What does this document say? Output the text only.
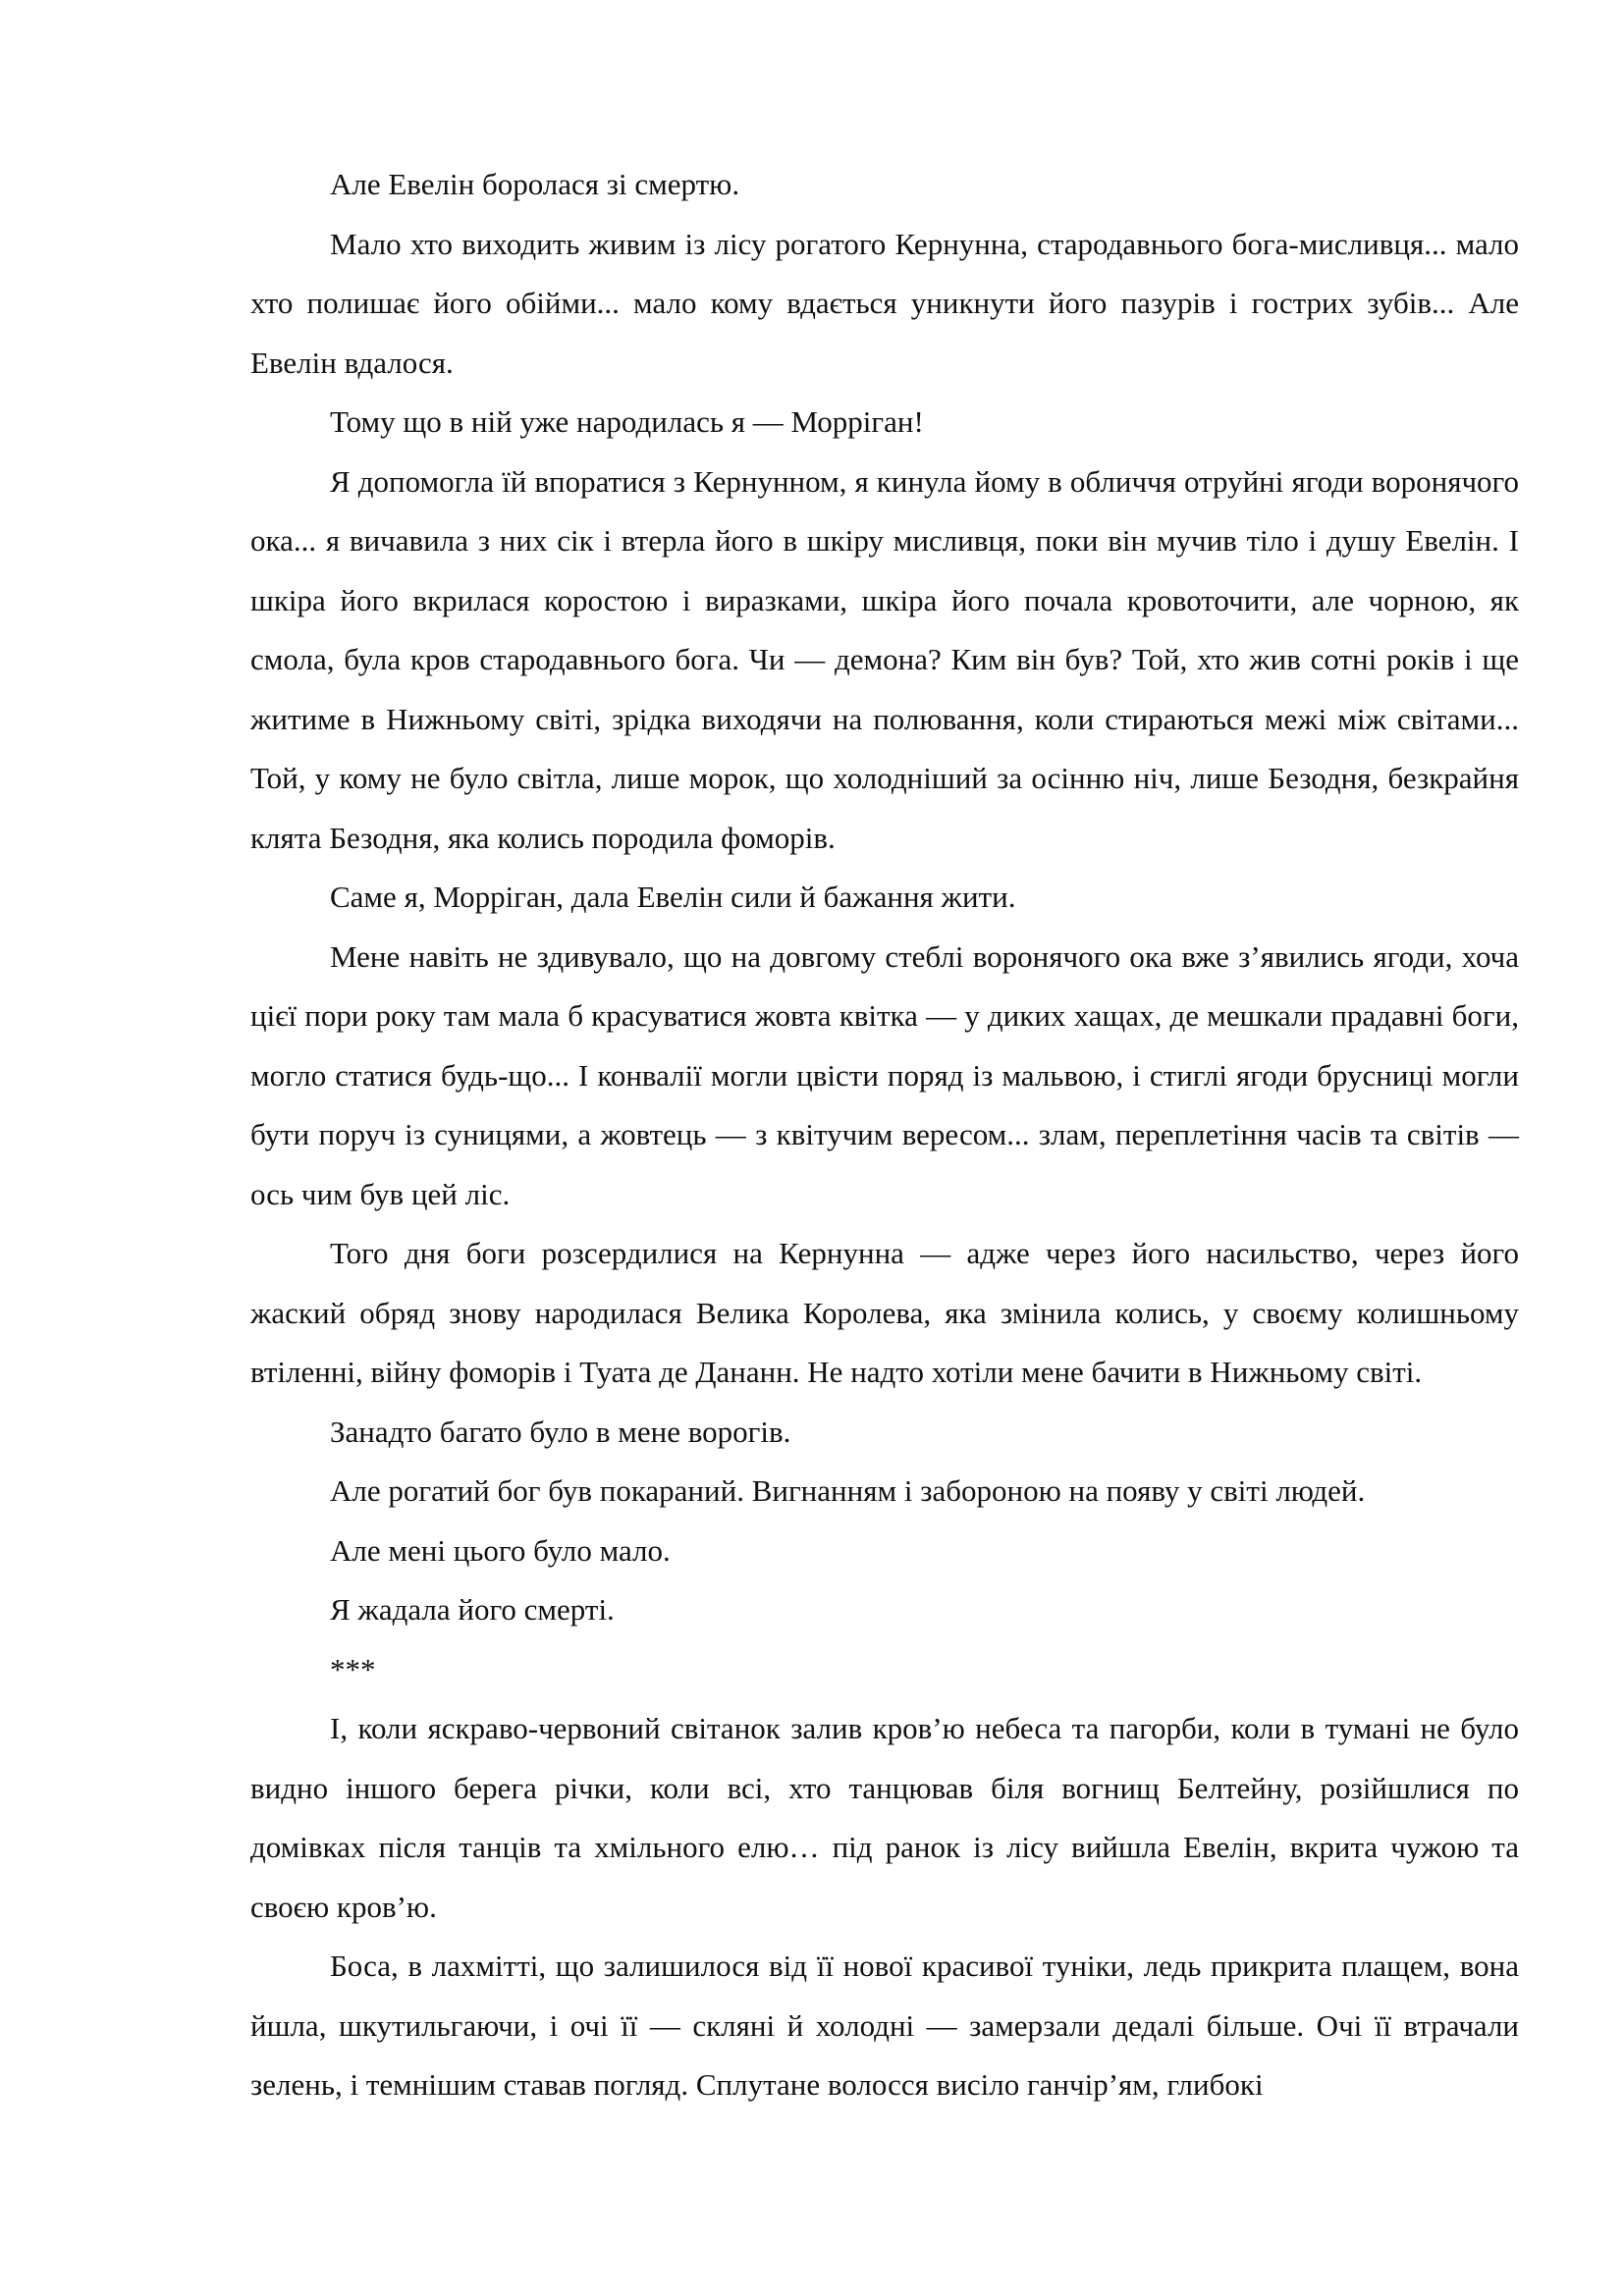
Але Евелін боролася зі смертю.

Мало хто виходить живим із лісу рогатого Кернунна, стародавнього бога-мисливця... мало хто полишає його обійми... мало кому вдається уникнути його пазурів і гострих зубів... Але Евелін вдалося.

Тому що в ній уже народилась я — Морріган!

Я допомогла їй впоратися з Кернунном, я кинула йому в обличчя отруйні ягоди воронячого ока... я вичавила з них сік і втерла його в шкіру мисливця, поки він мучив тіло і душу Евелін. І шкіра його вкрилася коростою і виразками, шкіра його почала кровоточити, але чорною, як смола, була кров стародавнього бога. Чи — демона? Ким він був? Той, хто жив сотні років і ще житиме в Нижньому світі, зрідка виходячи на полювання, коли стираються межі між світами... Той, у кому не було світла, лише морок, що холодніший за осінню ніч, лише Безодня, безкрайня клята Безодня, яка колись породила фоморів.

Саме я, Морріган, дала Евелін сили й бажання жити.

Мене навіть не здивувало, що на довгому стеблі воронячого ока вже з’явились ягоди, хоча цієї пори року там мала б красуватися жовта квітка — у диких хащах, де мешкали прадавні боги, могло статися будь-що... І конвалії могли цвісти поряд із мальвою, і стиглі ягоди брусниці могли бути поруч із суницями, а жовтець — з квітучим вересом... злам, переплетіння часів та світів — ось чим був цей ліс.

Того дня боги розсердилися на Кернунна — адже через його насильство, через його жаский обряд знову народилася Велика Королева, яка змінила колись, у своєму колишньому втіленні, війну фоморів і Туата де Дананн. Не надто хотіли мене бачити в Нижньому світі.

Занадто багато було в мене ворогів.

Але рогатий бог був покараний. Вигнанням і забороною на появу у світі людей.

Але мені цього було мало.

Я жадала його смерті.

***

І, коли яскраво-червоний світанок залив кров’ю небеса та пагорби, коли в тумані не було видно іншого берега річки, коли всі, хто танцював біля вогнищ Белтейну, розійшлися по домівках після танців та хмільного елю… під ранок із лісу вийшла Евелін, вкрита чужою та своєю кров’ю.

Боса, в лахмітті, що залишилося від її нової красивої туніки, ледь прикрита плащем, вона йшла, шкутильгаючи, і очі її — скляні й холодні — замерзали дедалі більше. Очі її втрачали зелень, і темнішим ставав погляд. Сплутане волосся висіло ганчір’ям, глибокі
